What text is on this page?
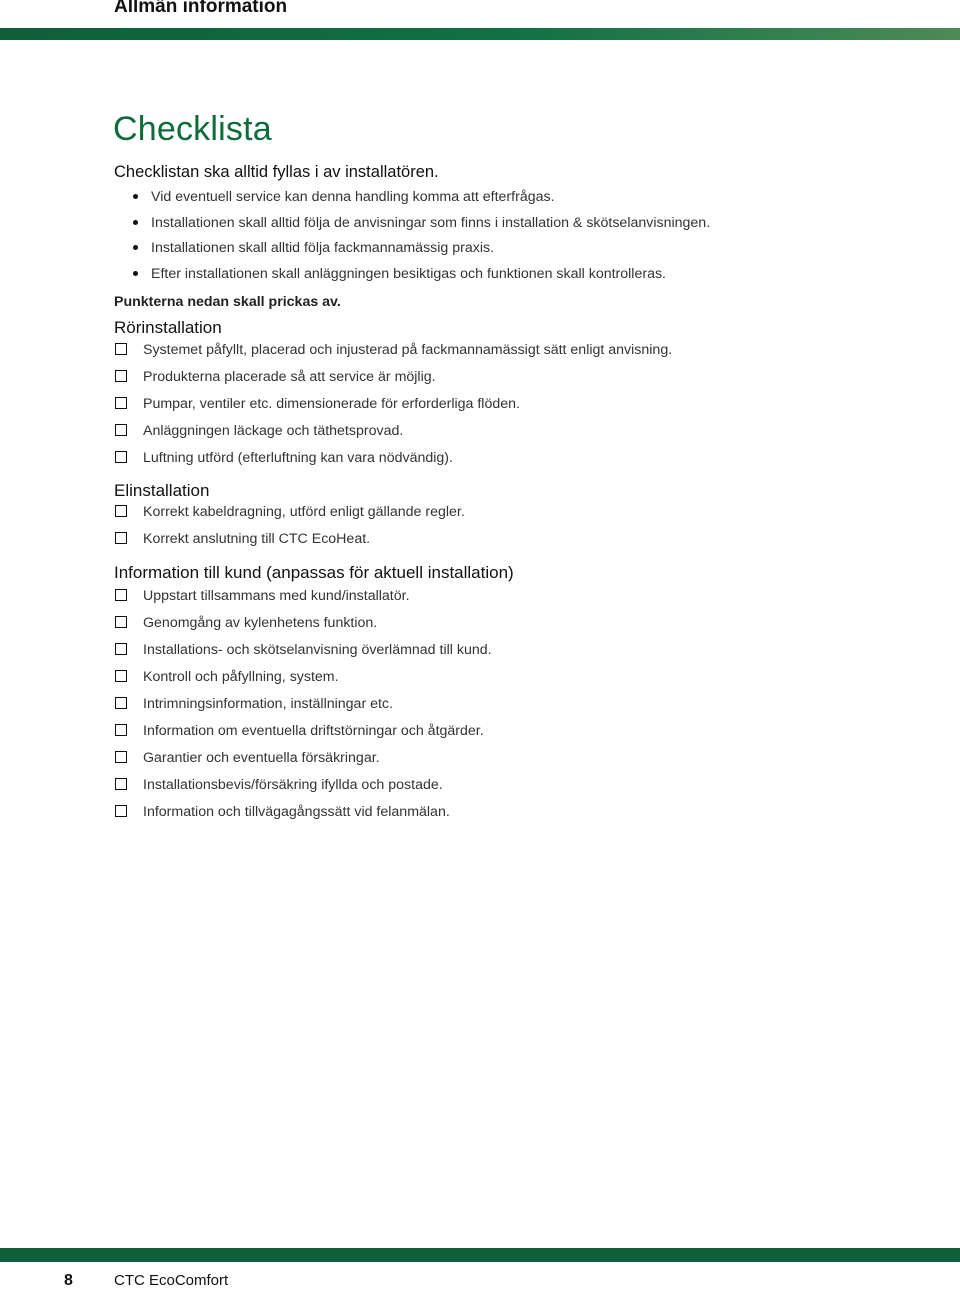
Allmän information
Checklista
Checklistan ska alltid fyllas i av installatören.
Vid eventuell service kan denna handling komma att efterfrågas.
Installationen skall alltid följa de anvisningar som finns i installation & skötselanvisningen.
Installationen skall alltid följa fackmannamässig praxis.
Efter installationen skall anläggningen besiktigas och funktionen skall kontrolleras.
Punkterna nedan skall prickas av.
Rörinstallation
Systemet påfyllt, placerad och injusterad på fackmannamässigt sätt enligt anvisning.
Produkterna placerade så att service är möjlig.
Pumpar, ventiler etc. dimensionerade för erforderliga flöden.
Anläggningen läckage och täthetsprovad.
Luftning utförd (efterluftning kan vara nödvändig).
Elinstallation
Korrekt kabeldragning, utförd enligt gällande regler.
Korrekt anslutning till CTC EcoHeat.
Information till kund (anpassas för aktuell installation)
Uppstart tillsammans med kund/installatör.
Genomgång av kylenhetens funktion.
Installations- och skötselanvisning överlämnad till kund.
Kontroll och påfyllning, system.
Intrimningsinformation, inställningar etc.
Information om eventuella driftstörningar och åtgärder.
Garantier och eventuella försäkringar.
Installationsbevis/försäkring ifyllda och postade.
Information och tillvägagångssätt vid felanmälan.
8	CTC EcoComfort
